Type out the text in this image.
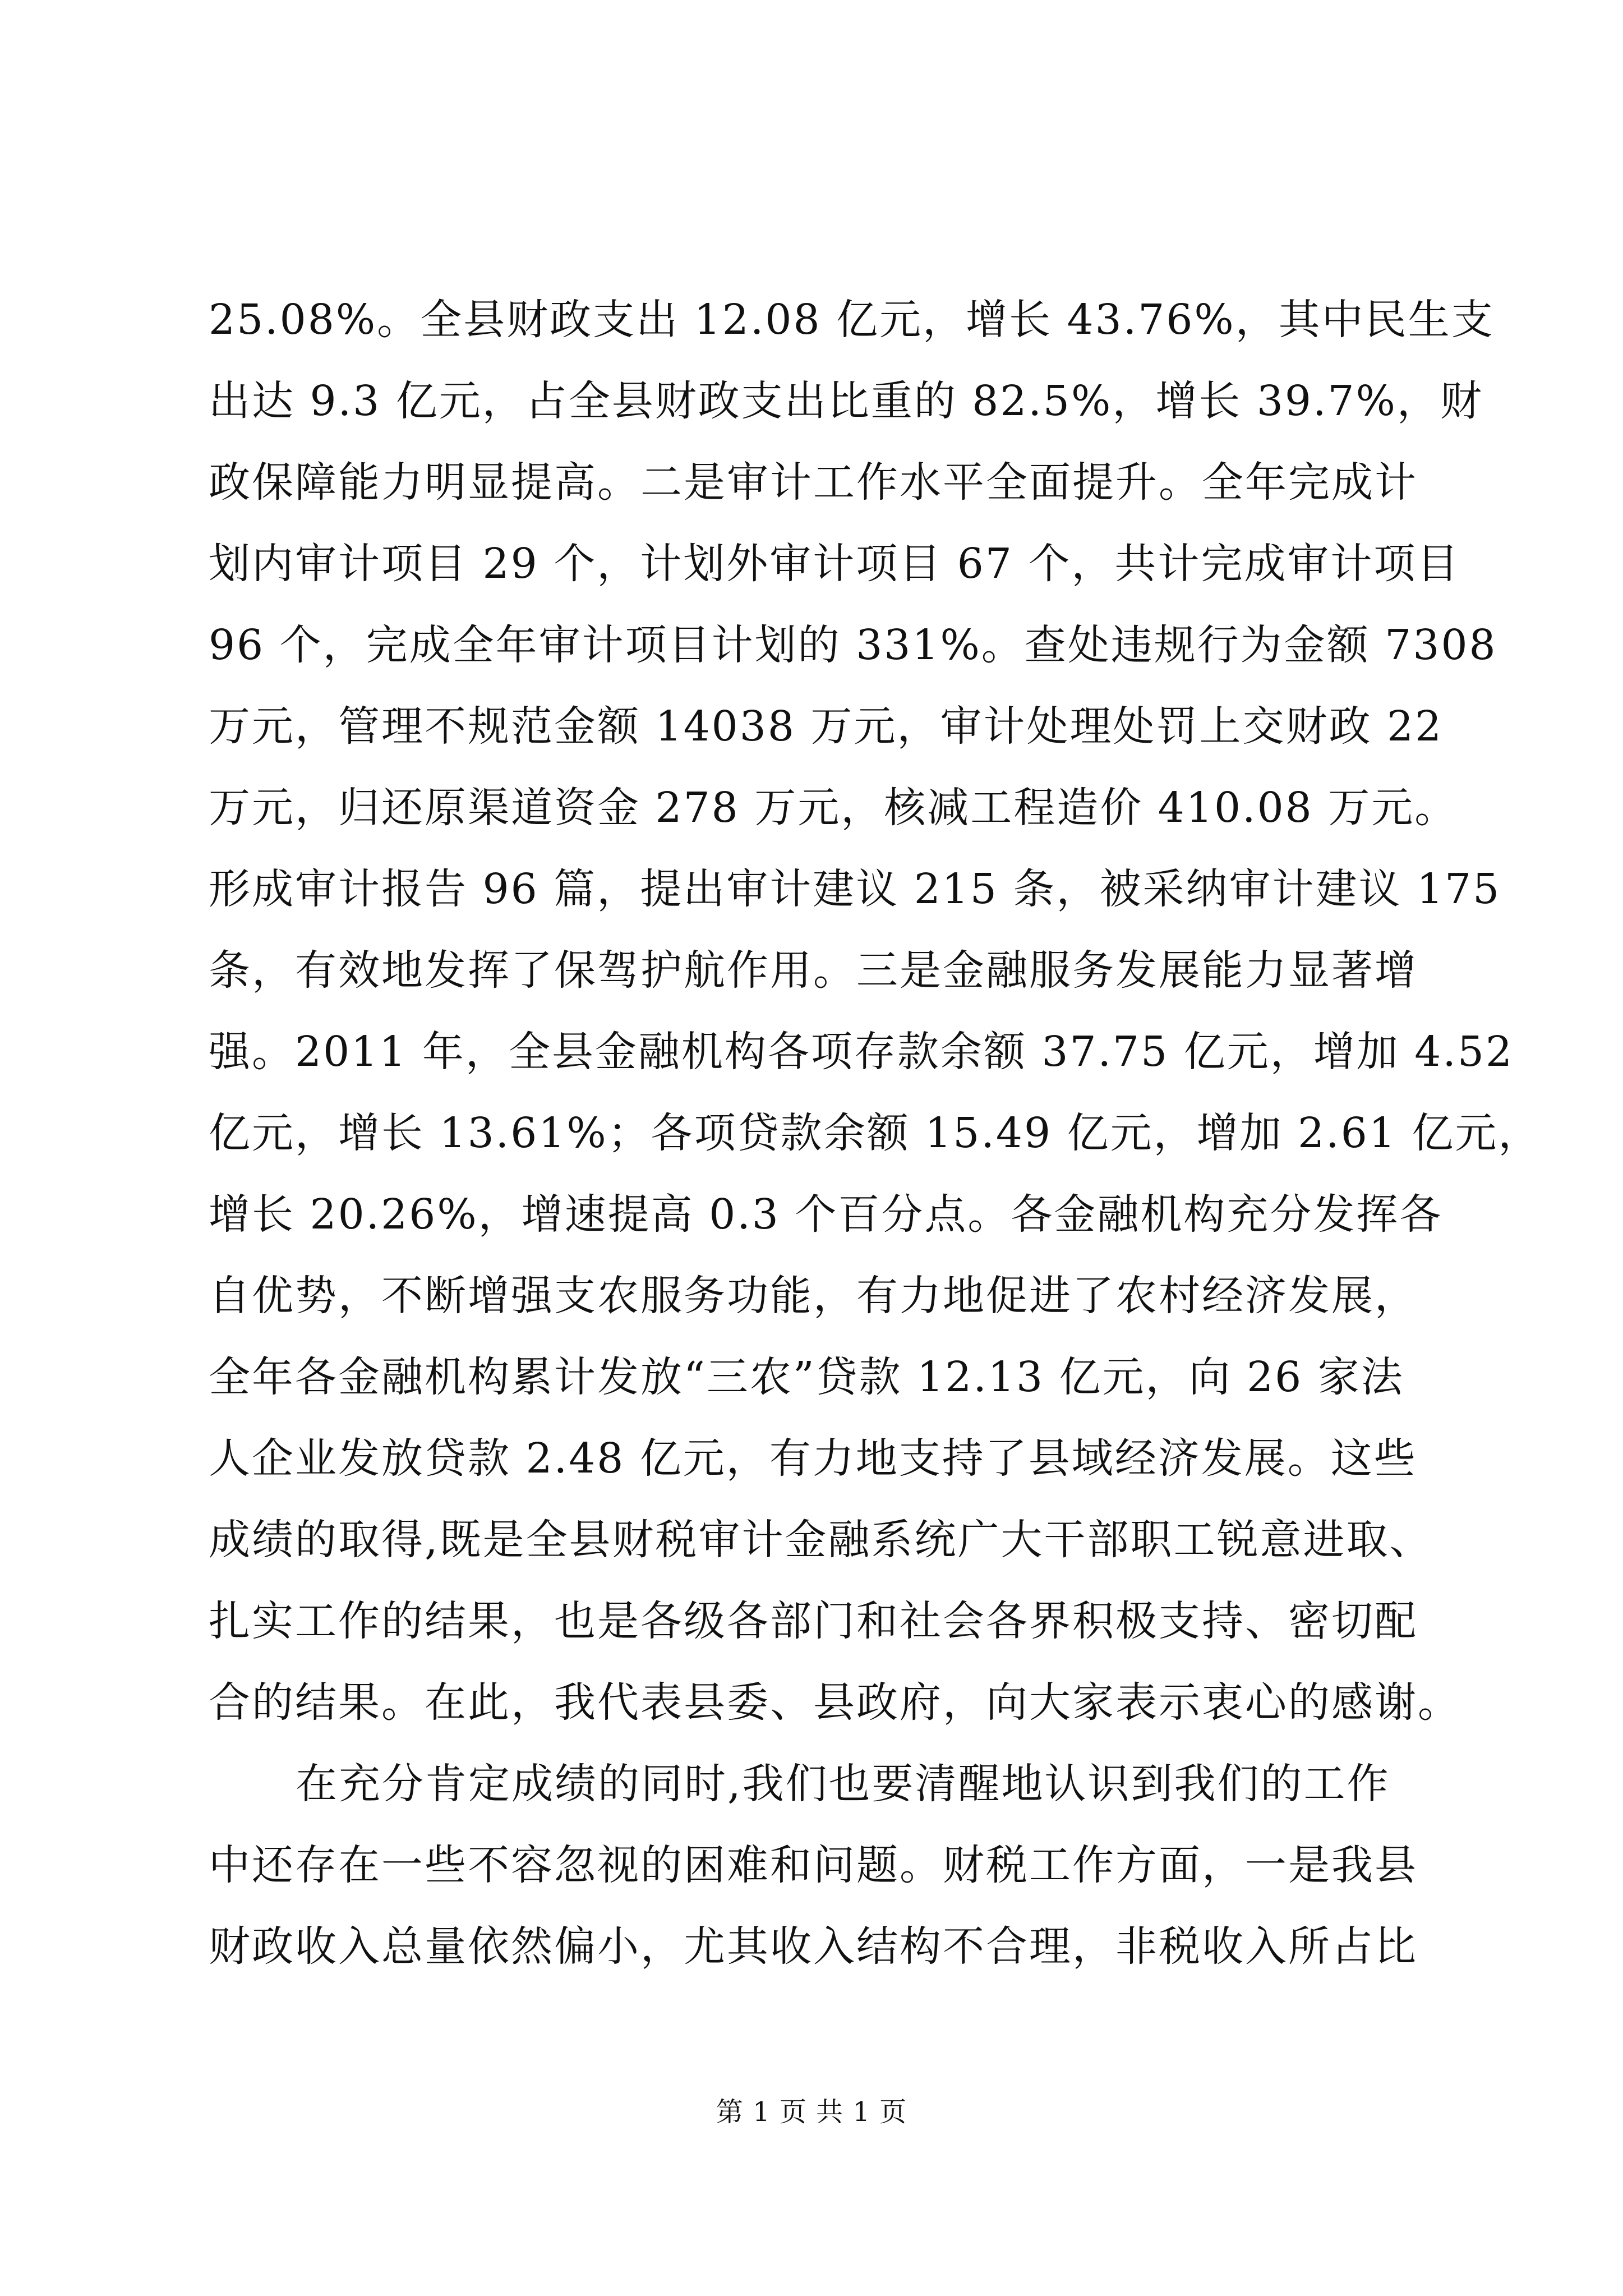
25.08%。全县财政支出 12.08 亿元，增长 43.76%，其中民生支
出达 9.3 亿元，占全县财政支出比重的 82.5%，增长 39.7%，财
政保障能力明显提高。二是审计工作水平全面提升。全年完成计
划内审计项目 29 个，计划外审计项目 67 个，共计完成审计项目
96 个，完成全年审计项目计划的 331%。查处违规行为金额 7308
万元，管理不规范金额 14038 万元，审计处理处罚上交财政 22
万元，归还原渠道资金 278 万元，核减工程造价 410.08 万元。
形成审计报告 96 篇，提出审计建议 215 条，被采纳审计建议 175
条，有效地发挥了保驾护航作用。三是金融服务发展能力显著增
强。2011 年，全县金融机构各项存款余额 37.75 亿元，增加 4.52
亿元，增长 13.61%；各项贷款余额 15.49 亿元，增加 2.61 亿元，
增长 20.26%，增速提高 0.3 个百分点。各金融机构充分发挥各
自优势，不断增强支农服务功能，有力地促进了农村经济发展，
全年各金融机构累计发放“三农”贷款 12.13 亿元，向 26 家法
人企业发放贷款 2.48 亿元，有力地支持了县域经济发展。这些
成绩的取得,既是全县财税审计金融系统广大干部职工锐意进取、
扎实工作的结果，也是各级各部门和社会各界积极支持、密切配
合的结果。在此，我代表县委、县政府，向大家表示衷心的感谢。
在充分肯定成绩的同时,我们也要清醒地认识到我们的工作
中还存在一些不容忽视的困难和问题。财税工作方面，一是我县
财政收入总量依然偏小，尤其收入结构不合理，非税收入所占比
第 1 页 共 1 页
